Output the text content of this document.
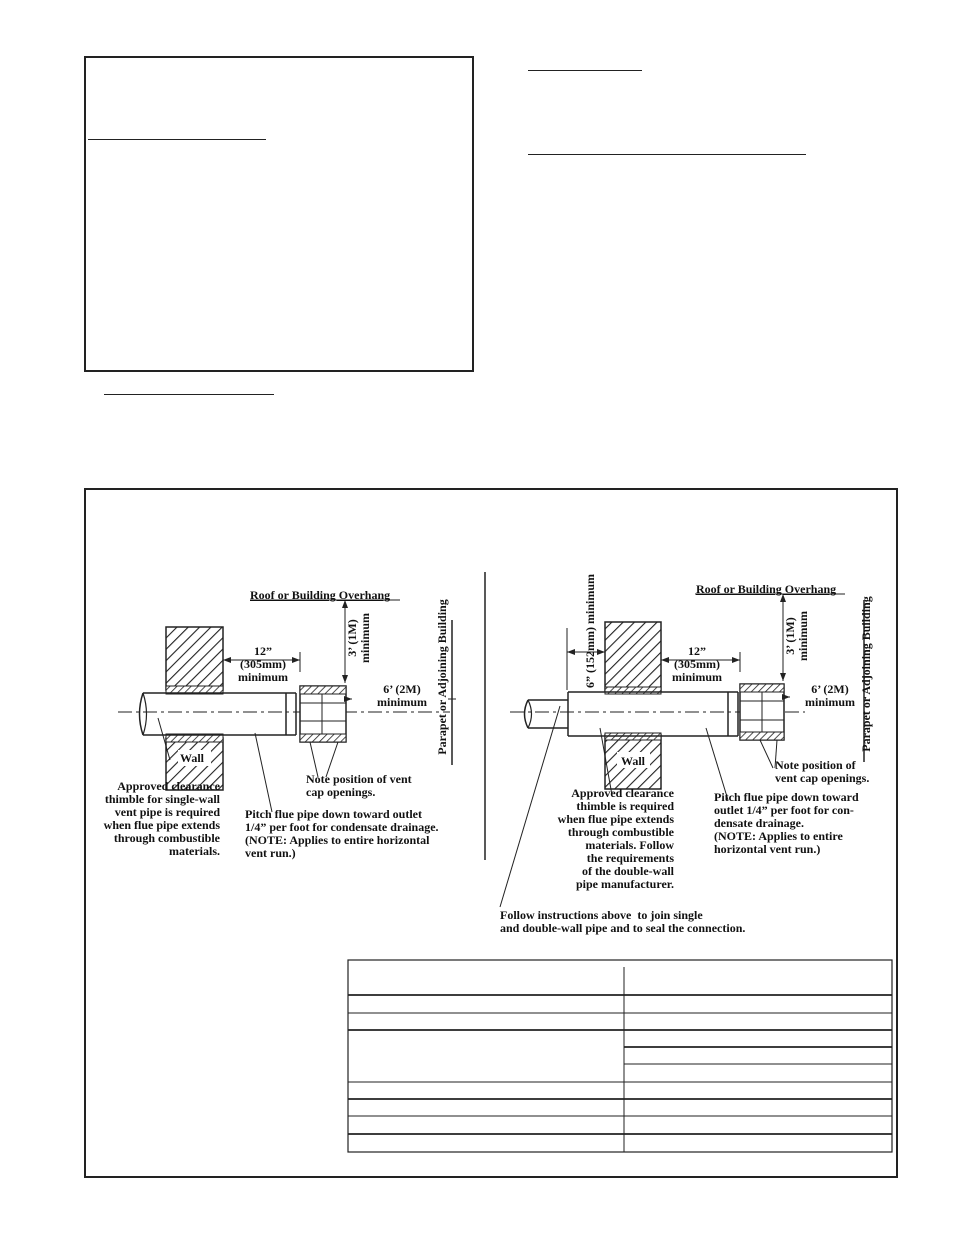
Roof or Building Overhang
12”
(305mm)
minimum
3’ (1M)
minimum
6’ (2M)
minimum Parapet or Adjoining Building
Wall
Note position of vent
cap openings.
Approved clearance
thimble for single-wall
vent pipe is required
when flue pipe extends
through combustible
materials.
Pitch flue pipe down toward outlet
1/4” per foot for condensate drainage.
(NOTE: Applies to entire horizontal
vent run.)
Roof or Building Overhang
6” (152mm) minimum	12”
(305mm)
minimum
3’ (1M)
minimum
6’ (2M)
minimum Parapet or Adjoining Building
Wall	Note position of
vent cap openings.
Approved clearance
thimble is required
when flue pipe extends
through combustible
materials. Follow
the requirements
of the double-wall
pipe manufacturer.
Pitch flue pipe down toward
outlet 1/4” per foot for con-
densate drainage.
(NOTE: Applies to entire
horizontal vent run.)
Follow instructions above  to join single
and double-wall pipe and to seal the connection.
